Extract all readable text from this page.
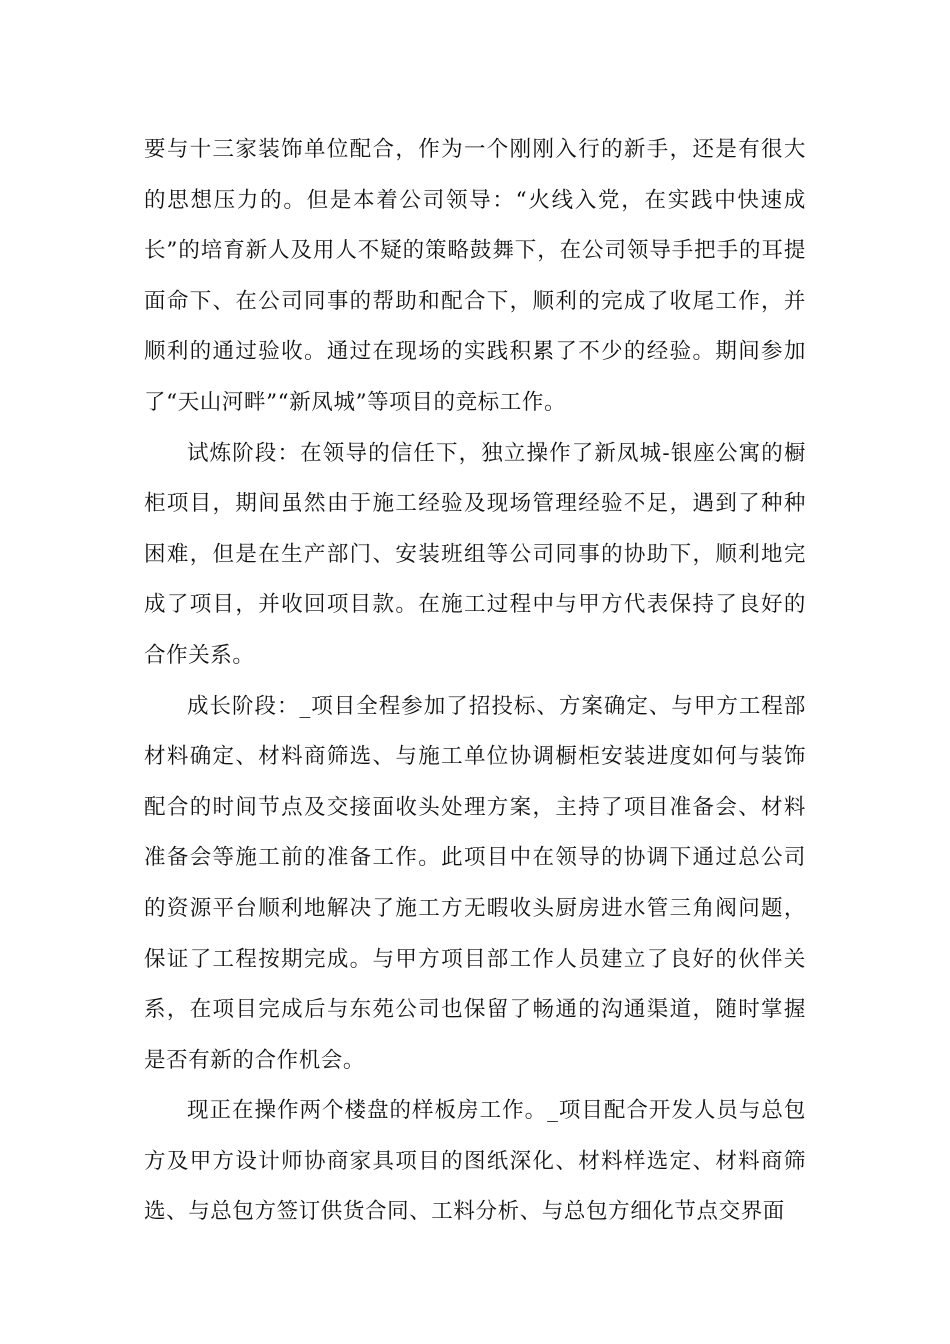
要与十三家装饰单位配合，作为一个刚刚入行的新手，还是有很大的思想压力的。但是本着公司领导：“火线入党，在实践中快速成长”的培育新人及用人不疑的策略鼓舞下，在公司领导手把手的耳提面命下、在公司同事的帮助和配合下，顺利的完成了收尾工作，并顺利的通过验收。通过在现场的实践积累了不少的经验。期间参加了“天山河畔”“新凤城”等项目的竞标工作。

试炼阶段：在领导的信任下，独立操作了新凤城-银座公寓的橱柜项目，期间虽然由于施工经验及现场管理经验不足，遇到了种种困难，但是在生产部门、安装班组等公司同事的协助下，顺利地完成了项目，并收回项目款。在施工过程中与甲方代表保持了良好的合作关系。

成长阶段：_项目全程参加了招投标、方案确定、与甲方工程部材料确定、材料商筛选、与施工单位协调橱柜安装进度如何与装饰配合的时间节点及交接面收头处理方案，主持了项目准备会、材料准备会等施工前的准备工作。此项目中在领导的协调下通过总公司的资源平台顺利地解决了施工方无暇收头厨房进水管三角阀问题，保证了工程按期完成。与甲方项目部工作人员建立了良好的伙伴关系，在项目完成后与东苑公司也保留了畅通的沟通渠道，随时掌握是否有新的合作机会。

现正在操作两个楼盘的样板房工作。_项目配合开发人员与总包方及甲方设计师协商家具项目的图纸深化、材料样选定、材料商筛选、与总包方签订供货合同、工料分析、与总包方细化节点交界面
